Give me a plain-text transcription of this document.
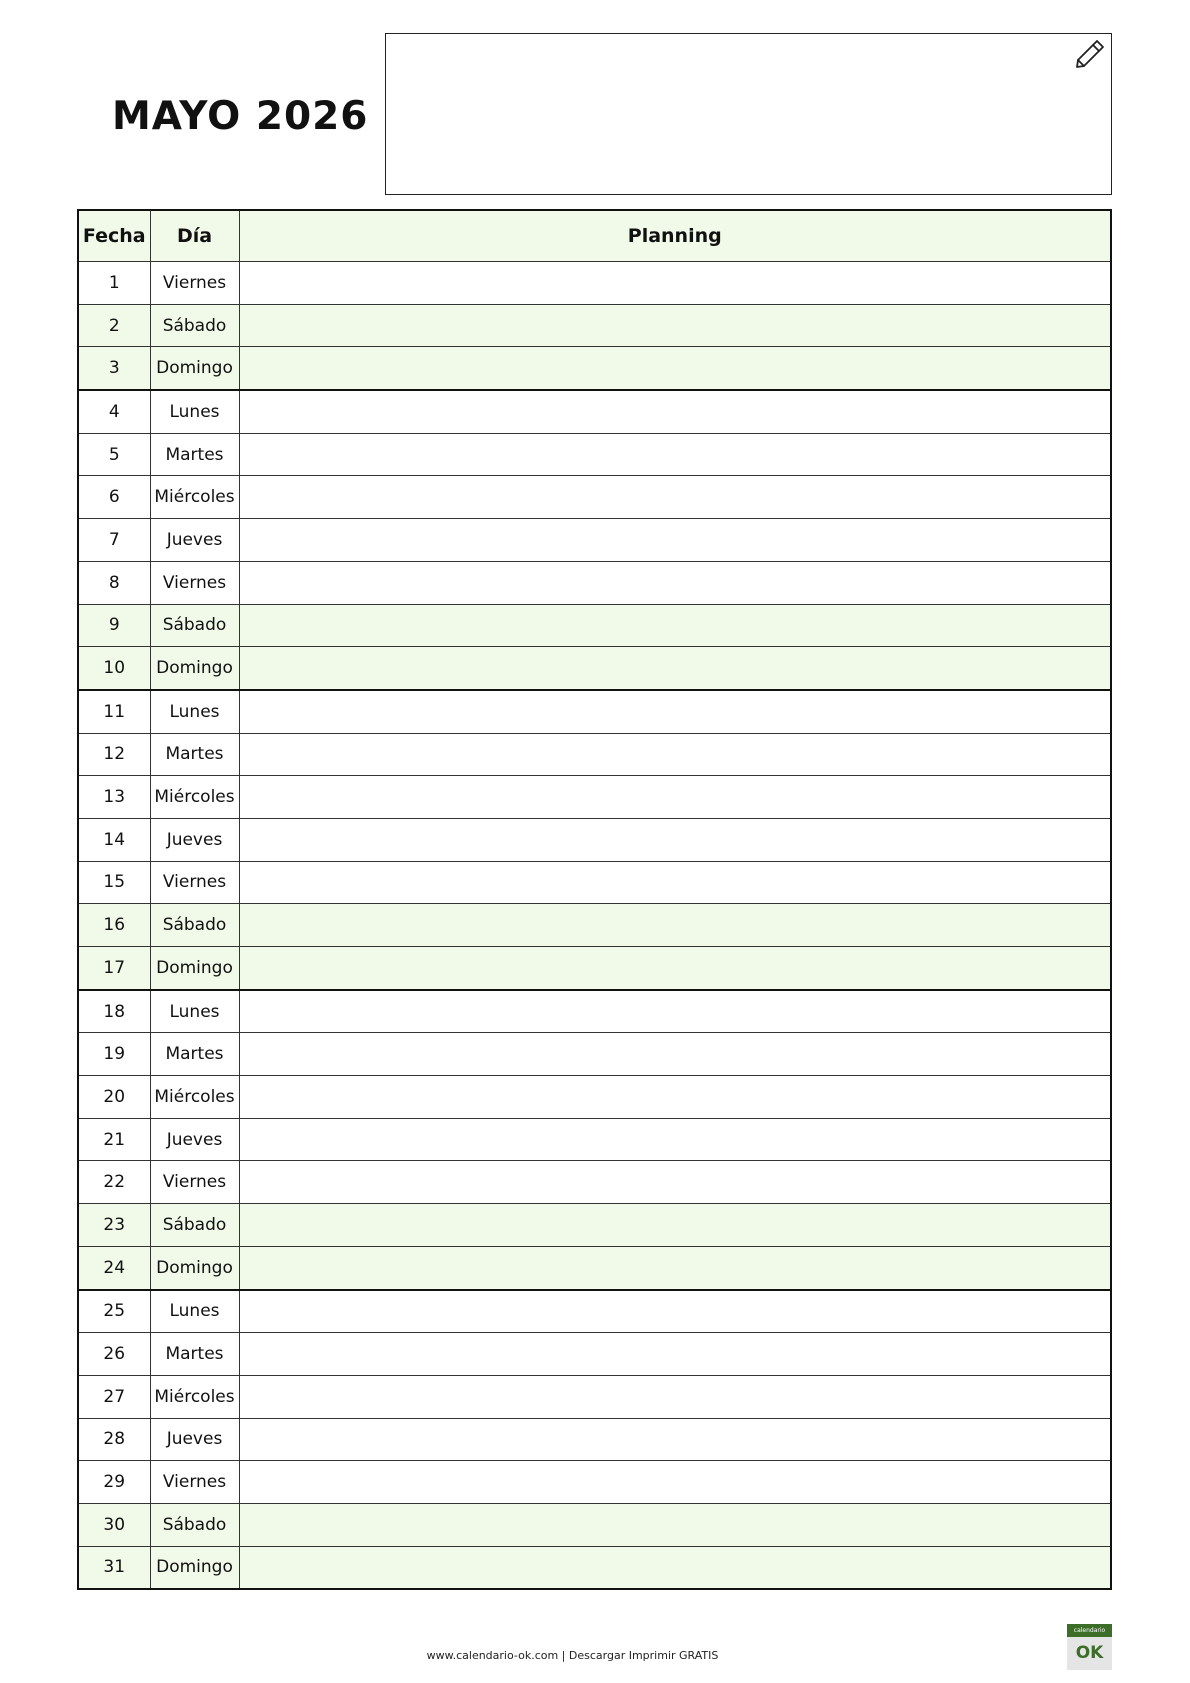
MAYO 2026
Fecha	Día	Planning
1	Viernes	
2	Sábado	
3	Domingo	
4	Lunes	
5	Martes	
6	Miércoles	
7	Jueves	
8	Viernes	
9	Sábado	
10	Domingo	
11	Lunes	
12	Martes	
13	Miércoles	
14	Jueves	
15	Viernes	
16	Sábado	
17	Domingo	
18	Lunes	
19	Martes	
20	Miércoles	
21	Jueves	
22	Viernes	
23	Sábado	
24	Domingo	
25	Lunes	
26	Martes	
27	Miércoles	
28	Jueves	
29	Viernes	
30	Sábado	
31	Domingo	
www.calendario-ok.com | Descargar Imprimir GRATIS
calendario
OK
